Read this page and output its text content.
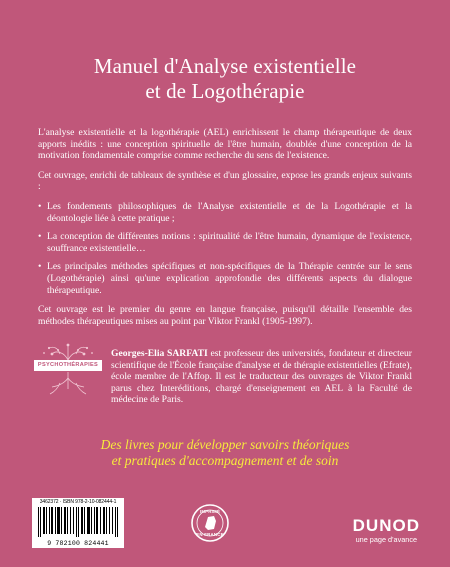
Manuel d'Analyse existentielle
et de Logothérapie

L'analyse existentielle et la logothérapie (AEL) enrichissent le champ thérapeutique de deux apports inédits : une conception spirituelle de l'être humain, doublée d'une conception de la motivation fondamentale comprise comme recherche du sens de l'existence.

Cet ouvrage, enrichi de tableaux de synthèse et d'un glossaire, expose les grands enjeux suivants :

• Les fondements philosophiques de l'Analyse existentielle et de la Logothérapie et la déontologie liée à cette pratique ;
• La conception de différentes notions : spiritualité de l'être humain, dynamique de l'existence, souffrance existentielle…
• Les principales méthodes spécifiques et non-spécifiques de la Thérapie centrée sur le sens (Logothérapie) ainsi qu'une explication approfondie des différents aspects du dialogue thérapeutique.

Cet ouvrage est le premier du genre en langue française, puisqu'il détaille l'ensemble des méthodes thérapeutiques mises au point par Viktor Frankl (1905-1997).

PSYCHOTHÉRAPIES
Georges-Elia SARFATI est professeur des universités, fondateur et directeur scientifique de l'École française d'analyse et de thérapie existentielles (Efrate), école membre de l'Affop. Il est le traducteur des ouvrages de Viktor Frankl parus chez Interéditions, chargé d'enseignement en AEL à la Faculté de médecine de Paris.
Des livres pour développer savoirs théoriques
et pratiques d'accompagnement et de soin
3462372 · ISBN 978-2-10-082444-1
9 782100 824441
IMPRIMÉ
EN FRANCE	DUNOD
une page d'avance
